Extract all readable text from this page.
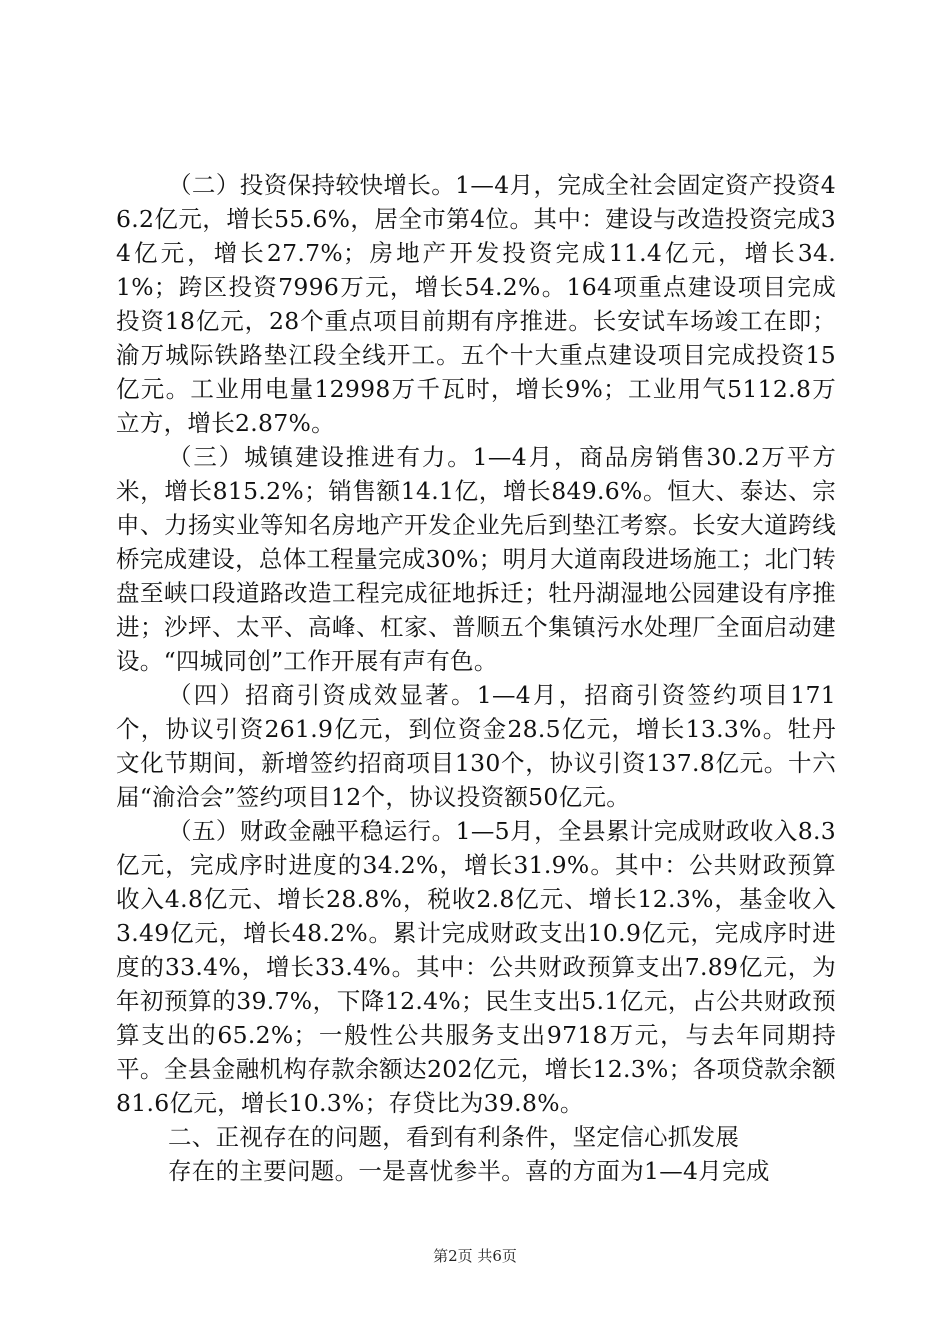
（二）投资保持较快增长。1—4月，完成全社会固定资产投资46.2亿元，增长55.6%，居全市第4位。其中：建设与改造投资完成34亿元，增长27.7%；房地产开发投资完成11.4亿元，增长34.1%；跨区投资7996万元，增长54.2%。164项重点建设项目完成投资18亿元，28个重点项目前期有序推进。长安试车场竣工在即；渝万城际铁路垫江段全线开工。五个十大重点建设项目完成投资15亿元。工业用电量12998万千瓦时，增长9%；工业用气5112.8万立方，增长2.87%。

（三）城镇建设推进有力。1—4月，商品房销售30.2万平方米，增长815.2%；销售额14.1亿，增长849.6%。恒大、泰达、宗申、力扬实业等知名房地产开发企业先后到垫江考察。长安大道跨线桥完成建设，总体工程量完成30%；明月大道南段进场施工；北门转盘至峡口段道路改造工程完成征地拆迁；牡丹湖湿地公园建设有序推进；沙坪、太平、高峰、杠家、普顺五个集镇污水处理厂全面启动建设。“四城同创”工作开展有声有色。

（四）招商引资成效显著。1—4月，招商引资签约项目171个，协议引资261.9亿元，到位资金28.5亿元，增长13.3%。牡丹文化节期间，新增签约招商项目130个，协议引资137.8亿元。十六届“渝洽会”签约项目12个，协议投资额50亿元。

（五）财政金融平稳运行。1—5月，全县累计完成财政收入8.3亿元，完成序时进度的34.2%，增长31.9%。其中：公共财政预算收入4.8亿元、增长28.8%，税收2.8亿元、增长12.3%，基金收入3.49亿元，增长48.2%。累计完成财政支出10.9亿元，完成序时进度的33.4%，增长33.4%。其中：公共财政预算支出7.89亿元，为年初预算的39.7%，下降12.4%；民生支出5.1亿元，占公共财政预算支出的65.2%；一般性公共服务支出9718万元，与去年同期持平。全县金融机构存款余额达202亿元，增长12.3%；各项贷款余额81.6亿元，增长10.3%；存贷比为39.8%。

二、正视存在的问题，看到有利条件，坚定信心抓发展

存在的主要问题。一是喜忧参半。喜的方面为1—4月完成

第2页 共6页
